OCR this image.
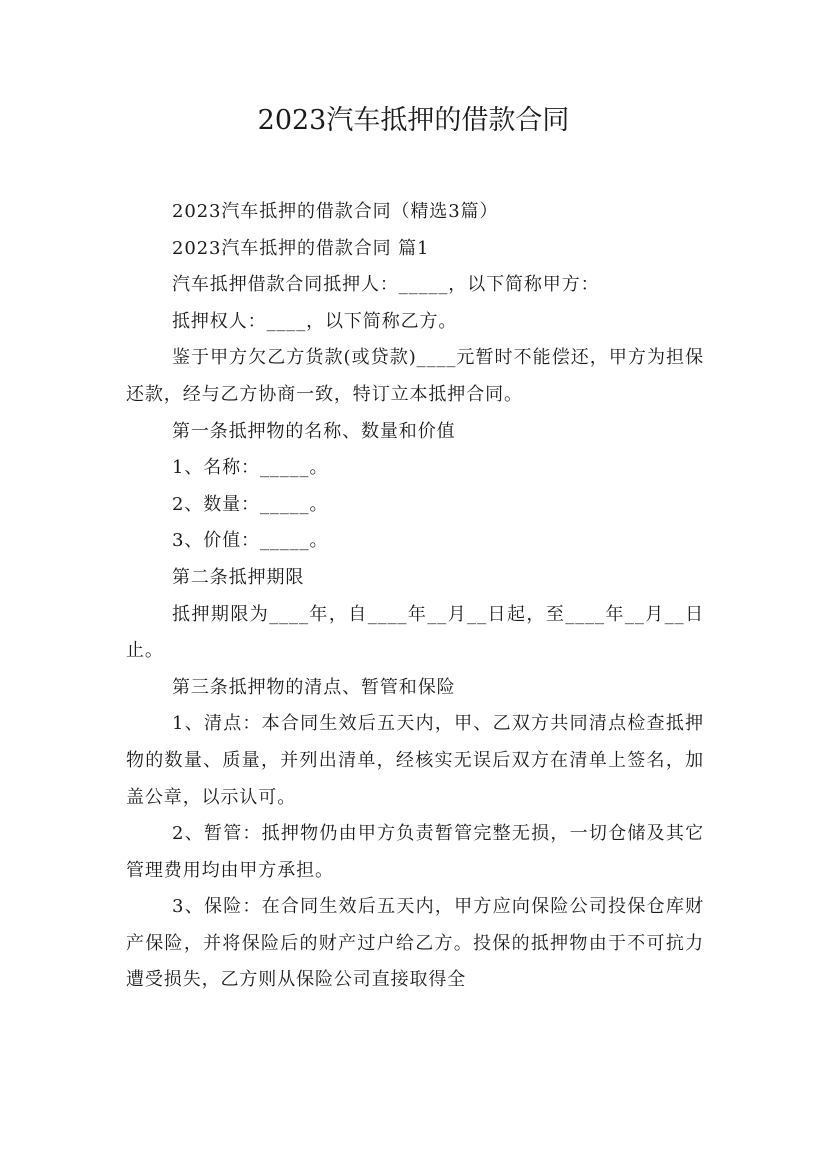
2023汽车抵押的借款合同

2023汽车抵押的借款合同（精选3篇）

2023汽车抵押的借款合同 篇1

汽车抵押借款合同抵押人：_____，以下简称甲方：

抵押权人：____，以下简称乙方。

鉴于甲方欠乙方货款(或贷款)____元暂时不能偿还，甲方为担保还款，经与乙方协商一致，特订立本抵押合同。

第一条抵押物的名称、数量和价值

1、名称：_____。

2、数量：_____。

3、价值：_____。

第二条抵押期限

抵押期限为____年，自____年__月__日起，至____年__月__日止。

第三条抵押物的清点、暂管和保险

1、清点：本合同生效后五天内，甲、乙双方共同清点检查抵押物的数量、质量，并列出清单，经核实无误后双方在清单上签名，加盖公章，以示认可。

2、暂管：抵押物仍由甲方负责暂管完整无损，一切仓储及其它管理费用均由甲方承担。

3、保险：在合同生效后五天内，甲方应向保险公司投保仓库财产保险，并将保险后的财产过户给乙方。投保的抵押物由于不可抗力遭受损失，乙方则从保险公司直接取得全
